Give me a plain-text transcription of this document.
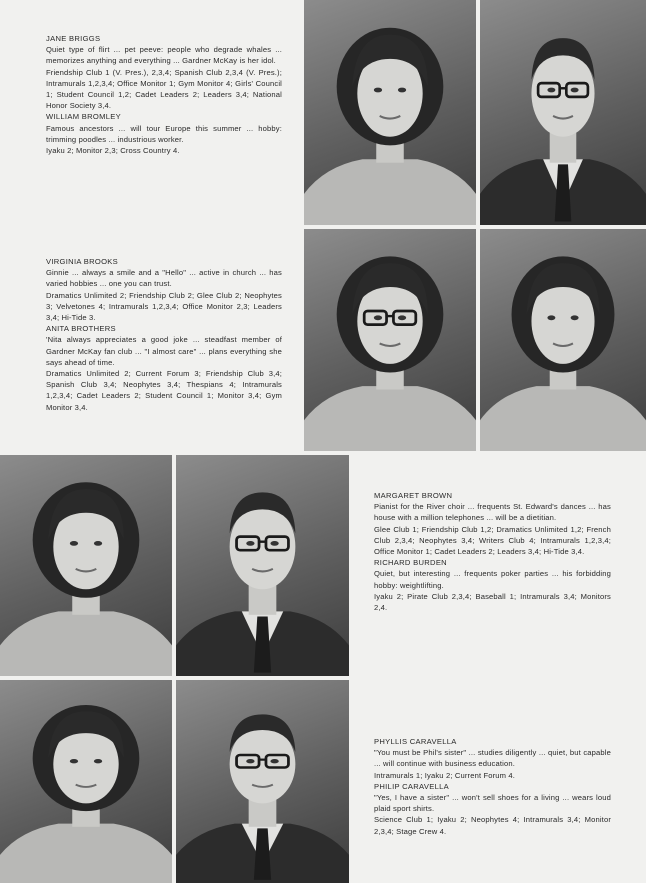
JANE BRIGGS
Quiet type of flirt ... pet peeve: people who degrade whales ... memorizes anything and everything ... Gardner McKay is her idol.
Friendship Club 1 (V. Pres.), 2,3,4; Spanish Club 2,3,4 (V. Pres.); Intramurals 1,2,3,4; Office Monitor 1; Gym Monitor 4; Girls' Council 1; Student Council 1,2; Cadet Leaders 2; Leaders 3,4; National Honor Society 3,4.
WILLIAM BROMLEY
Famous ancestors ... will tour Europe this summer ... hobby: trimming poodles ... industrious worker.
Iyaku 2; Monitor 2,3; Cross Country 4.
VIRGINIA BROOKS
Ginnie ... always a smile and a "Hello" ... active in church ... has varied hobbies ... one you can trust.
Dramatics Unlimited 2; Friendship Club 2; Glee Club 2; Neophytes 3; Velvetones 4; Intramurals 1,2,3,4; Office Monitor 2,3; Leaders 3,4; Hi-Tide 3.
ANITA BROTHERS
'Nita always appreciates a good joke ... steadfast member of Gardner McKay fan club ... "I almost care" ... plans everything she says ahead of time.
Dramatics Unlimited 2; Current Forum 3; Friendship Club 3,4; Spanish Club 3,4; Neophytes 3,4; Thespians 4; Intramurals 1,2,3,4; Cadet Leaders 2; Student Council 1; Monitor 3,4; Gym Monitor 3,4.
MARGARET BROWN
Pianist for the River choir ... frequents St. Edward's dances ... has house with a million telephones ... will be a dietitian.
Glee Club 1; Friendship Club 1,2; Dramatics Unlimited 1,2; French Club 2,3,4; Neophytes 3,4; Writers Club 4; Intramurals 1,2,3,4; Office Monitor 1; Cadet Leaders 2; Leaders 3,4; Hi-Tide 3,4.
RICHARD BURDEN
Quiet, but interesting ... frequents poker parties ... his forbidding hobby: weightlifting.
Iyaku 2; Pirate Club 2,3,4; Baseball 1; Intramurals 3,4; Monitors 2,4.
PHYLLIS CARAVELLA
"You must be Phil's sister" ... studies diligently ... quiet, but capable ... will continue with business education.
Intramurals 1; Iyaku 2; Current Forum 4.
PHILIP CARAVELLA
"Yes, I have a sister" ... won't sell shoes for a living ... wears loud plaid sport shirts.
Science Club 1; Iyaku 2; Neophytes 4; Intramurals 3,4; Monitor 2,3,4; Stage Crew 4.
